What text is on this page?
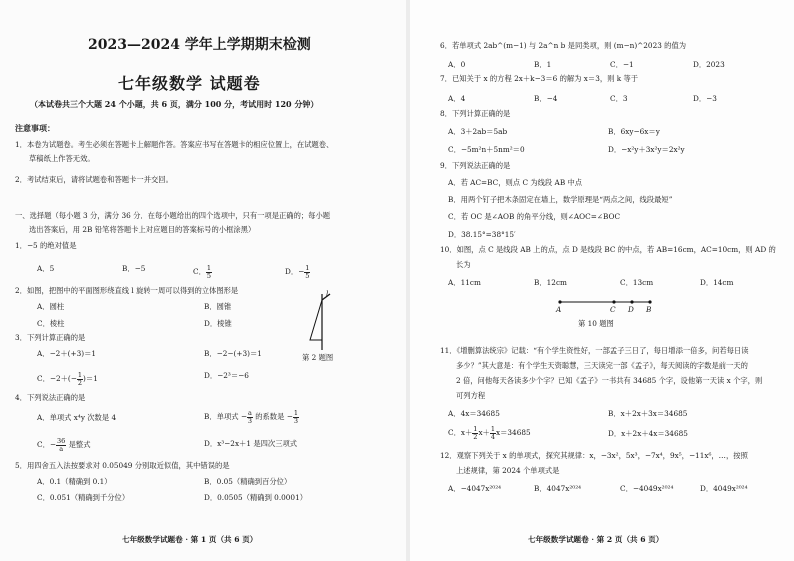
2023—2024 学年上学期期末检测
七年级数学 试题卷
（本试卷共三个大题 24 个小题，共 6 页，满分 100 分，考试用时 120 分钟）
注意事项：
1．本卷为试题卷。考生必须在答题卡上解题作答。答案应书写在答题卡的相应位置上，在试题卷、
草稿纸上作答无效。
2．考试结束后，请将试题卷和答题卡一并交回。
一、选择题（每小题 3 分，满分 36 分．在每小题给出的四个选项中，只有一项是正确的；每小题
选出答案后，用 2B 铅笔将答题卡上对应题目的答案标号的小框涂黑）
1．−5 的绝对值是
A．5	B．−5	C． $\frac{1}{5}$	D．− $\frac{1}{5}$
2．如图，把图中的平面图形绕直线 l 旋转一周可以得到的立体图形是
A．圆柱	B．圆锥
C．棱柱	D．棱锥
l
第 2 题图
3．下列计算正确的是
A．−2＋(+3)＝1	B．−2−(+3)＝1
C．$-2+(- \frac{1}{2} )=1$	D．−2³＝−6
4．下列说法正确的是
A．单项式 x⁴y 次数是 4	B．单项式 − $\frac{a}{3}$ 的系数是 − $\frac{1}{3}$
C．− $\frac{36}{a}$ 是整式	D．x³−2x＋1 是四次三项式
5．用四舍五入法按要求对 0.05049 分别取近似值，其中错误的是
A．0.1（精确到 0.1）	B．0.05（精确到百分位）
C．0.051（精确到千分位）	D．0.0505（精确到 0.0001）
七年级数学试题卷 · 第 1 页（共 6 页）
6．若单项式 2ab^(m−1) 与 2a^n b 是同类项，则 (m−n)^2023 的值为
A．0	B．1	C．−1	D．2023
7．已知关于 x 的方程 2x＋k−3＝6 的解为 x＝3，则 k 等于
A．4	B．−4	C．3	D．−3
8．下列计算正确的是
A．3＋2ab＝5ab	B．6xy−6x＝y
C．−5m²n＋5nm²＝0	D．−x²y＋3x²y＝2x²y
9．下列说法正确的是
A．若 AC=BC，则点 C 为线段 AB 中点
B．用两个钉子把木条固定在墙上，数学原理是“两点之间，线段最短”
C．若 OC 是∠AOB 的角平分线，则∠AOC=∠BOC
D．38.15°=38°15′
10．如图，点 C 是线段 AB 上的点，点 D 是线段 BC 的中点，若 AB=16cm，AC=10cm，则 AD 的
长为
A．11cm	B．12cm	C．13cm	D．14cm
A	C D B
第 10 题图
11．《增删算法统宗》记载：“有个学生资性好，一部孟子三日了，每日增添一倍多，问若每日读
多少？”其大意是：有个学生天资聪慧，三天读完一部《孟子》，每天阅读的字数是前一天的
2 倍，问他每天各读多少个字？已知《孟子》一书共有 34685 个字，设他第一天读 x 个字，则
可列方程
A．4x＝34685	B．x＋2x＋3x＝34685
C．$x+ \frac{1}{2} x+ \frac{1}{4} x=34685$	D．x＋2x＋4x＝34685
12．观察下列关于 x 的单项式，探究其规律：x，−3x²，5x³，−7x⁴，9x⁵，−11x⁶，…，按照
上述规律，第 2024 个单项式是
A．−4047x²⁰²⁴	B．4047x²⁰²⁴	C．−4049x²⁰²⁴	D．4049x²⁰²⁴
七年级数学试题卷 · 第 2 页（共 6 页）
